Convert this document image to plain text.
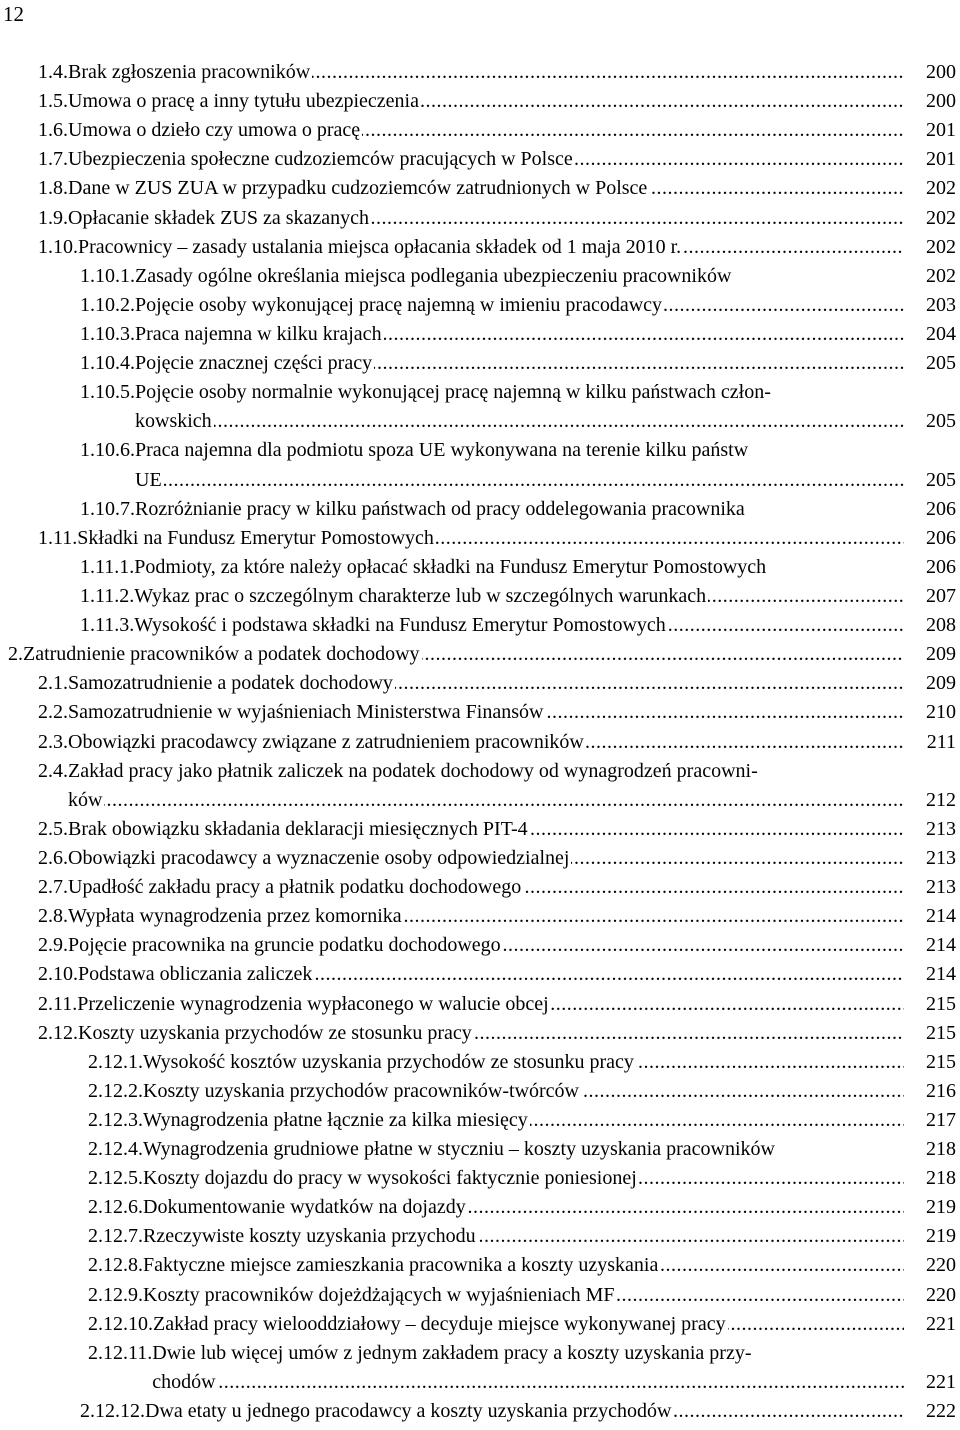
12
1.4. Brak zgłoszenia pracowników .....	200
1.5. Umowa o pracę a inny tytułu ubezpieczenia .....	200
1.6. Umowa o dzieło czy umowa o pracę .....	201
1.7. Ubezpieczenia społeczne cudzoziemców pracujących w Polsce .....	201
1.8. Dane w ZUS ZUA w przypadku cudzoziemców zatrudnionych w Polsce .....	202
1.9. Opłacanie składek ZUS za skazanych .....	202
1.10. Pracownicy – zasady ustalania miejsca opłacania składek od 1 maja 2010 r. .....	202
1.10.1. Zasady ogólne określania miejsca podlegania ubezpieczeniu pracowników	202
1.10.2. Pojęcie osoby wykonującej pracę najemną w imieniu pracodawcy .....	203
1.10.3. Praca najemna w kilku krajach .....	204
1.10.4. Pojęcie znacznej części pracy .....	205
1.10.5. Pojęcie osoby normalnie wykonującej pracę najemną w kilku państwach człon-
kowskich .....	205
1.10.6. Praca najemna dla podmiotu spoza UE wykonywana na terenie kilku państw
UE .....	205
1.10.7. Rozróżnianie pracy w kilku państwach od pracy oddelegowania pracownika	206
1.11. Składki na Fundusz Emerytur Pomostowych .....	206
1.11.1. Podmioty, za które należy opłacać składki na Fundusz Emerytur Pomostowych	206
1.11.2. Wykaz prac o szczególnym charakterze lub w szczególnych warunkach .....	207
1.11.3. Wysokość i podstawa składki na Fundusz Emerytur Pomostowych .....	208
2. Zatrudnienie pracowników a podatek dochodowy .....	209
2.1. Samozatrudnienie a podatek dochodowy .....	209
2.2. Samozatrudnienie w wyjaśnieniach Ministerstwa Finansów .....	210
2.3. Obowiązki pracodawcy związane z zatrudnieniem pracowników .....	211
2.4. Zakład pracy jako płatnik zaliczek na podatek dochodowy od wynagrodzeń pracowni-
ków .....	212
2.5. Brak obowiązku składania deklaracji miesięcznych PIT-4 .....	213
2.6. Obowiązki pracodawcy a wyznaczenie osoby odpowiedzialnej .....	213
2.7. Upadłość zakładu pracy a płatnik podatku dochodowego .....	213
2.8. Wypłata wynagrodzenia przez komornika .....	214
2.9. Pojęcie pracownika na gruncie podatku dochodowego .....	214
2.10. Podstawa obliczania zaliczek .....	214
2.11. Przeliczenie wynagrodzenia wypłaconego w walucie obcej .....	215
2.12. Koszty uzyskania przychodów ze stosunku pracy .....	215
2.12.1. Wysokość kosztów uzyskania przychodów ze stosunku pracy .....	215
2.12.2. Koszty uzyskania przychodów pracowników-twórców .....	216
2.12.3. Wynagrodzenia płatne łącznie za kilka miesięcy .....	217
2.12.4. Wynagrodzenia grudniowe płatne w styczniu – koszty uzyskania pracowników	218
2.12.5. Koszty dojazdu do pracy w wysokości faktycznie poniesionej .....	218
2.12.6. Dokumentowanie wydatków na dojazdy .....	219
2.12.7. Rzeczywiste koszty uzyskania przychodu .....	219
2.12.8. Faktyczne miejsce zamieszkania pracownika a koszty uzyskania .....	220
2.12.9. Koszty pracowników dojeżdżających w wyjaśnieniach MF .....	220
2.12.10. Zakład pracy wielooddziałowy – decyduje miejsce wykonywanej pracy .....	221
2.12.11. Dwie lub więcej umów z jednym zakładem pracy a koszty uzyskania przy-
chodów .....	221
2.12.12. Dwa etaty u jednego pracodawcy a koszty uzyskania przychodów .....	222
